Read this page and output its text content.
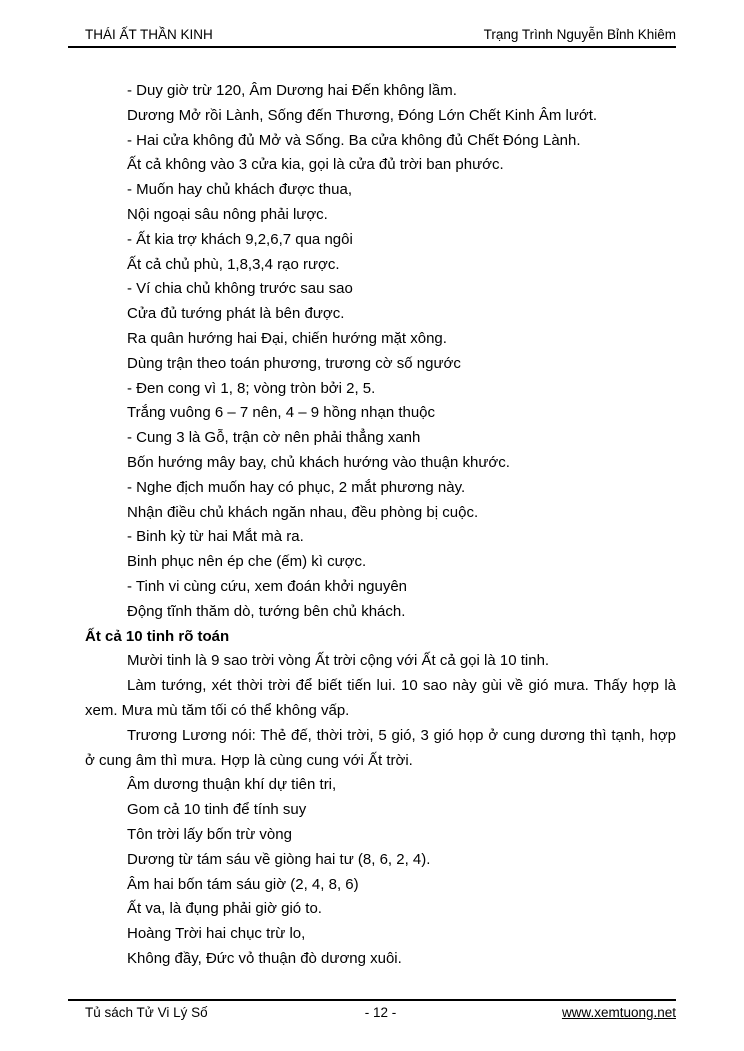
THÁI ẤT THẦN KINH	Trạng Trình Nguyễn Bỉnh Khiêm

- Duy giờ trừ 120, Âm Dương hai Đến không lầm.

Dương Mở rồi Lành, Sống đến Thương, Đóng Lớn Chết Kinh Âm lướt.

- Hai cửa không đủ Mở và Sống. Ba cửa không đủ Chết Đóng Lành.

Ất cả không vào 3 cửa kia, gọi là cửa đủ trời ban phước.

- Muốn hay chủ khách được thua,

Nội ngoại sâu nông phải lược.

- Ất kia trợ khách 9,2,6,7 qua ngôi

Ất cả chủ phù, 1,8,3,4 rạo rược.

- Ví chia chủ không trước sau sao

Cửa đủ tướng phát là bên được.

Ra quân hướng hai Đại, chiến hướng mặt xông.

Dùng trận theo toán phương, trương cờ số ngước

- Đen cong vì 1, 8; vòng tròn bởi 2, 5.

Trắng vuông 6 – 7 nên, 4 – 9 hồng nhạn thuộc

- Cung 3 là Gỗ, trận cờ nên phải thẳng xanh

Bốn hướng mây bay, chủ khách hướng vào thuận khước.

- Nghe địch muốn hay có phục, 2 mắt phương này.

Nhận điều chủ khách ngăn nhau, đều phòng bị cuộc.

- Binh kỳ từ hai Mắt mà ra.

Binh phục nên ép che (ếm) kì cược.

- Tinh vi cùng cứu, xem đoán khởi nguyên

Động tĩnh thăm dò, tướng bên chủ khách.

Ất cả 10 tinh rõ toán

Mười tinh là 9 sao trời vòng Ất trời cộng với Ất cả gọi là 10 tinh.

Làm tướng, xét thời trời để biết tiến lui. 10 sao này gùi về gió mưa. Thấy hợp là xem. Mưa mù tăm tối có thể không vấp.

Trương Lương nói: Thẻ đế, thời trời, 5 gió, 3 gió họp ở cung dương thì tạnh, hợp ở cung âm thì mưa. Hợp là cùng cung với Ất trời.

Âm dương thuận khí dự tiên tri,

Gom cả 10 tinh để tính suy

Tôn trời lấy bốn trừ vòng

Dương từ tám sáu về giòng hai tư (8, 6, 2, 4).

Âm hai bốn tám sáu giờ (2, 4, 8, 6)

Ất va, là đụng phải giờ gió to.

Hoàng Trời hai chục trừ lo,

Không đầy, Đức vỏ thuận đò dương xuôi.

Tủ sách Tử Vi Lý Số	- 12 -	www.xemtuong.net
